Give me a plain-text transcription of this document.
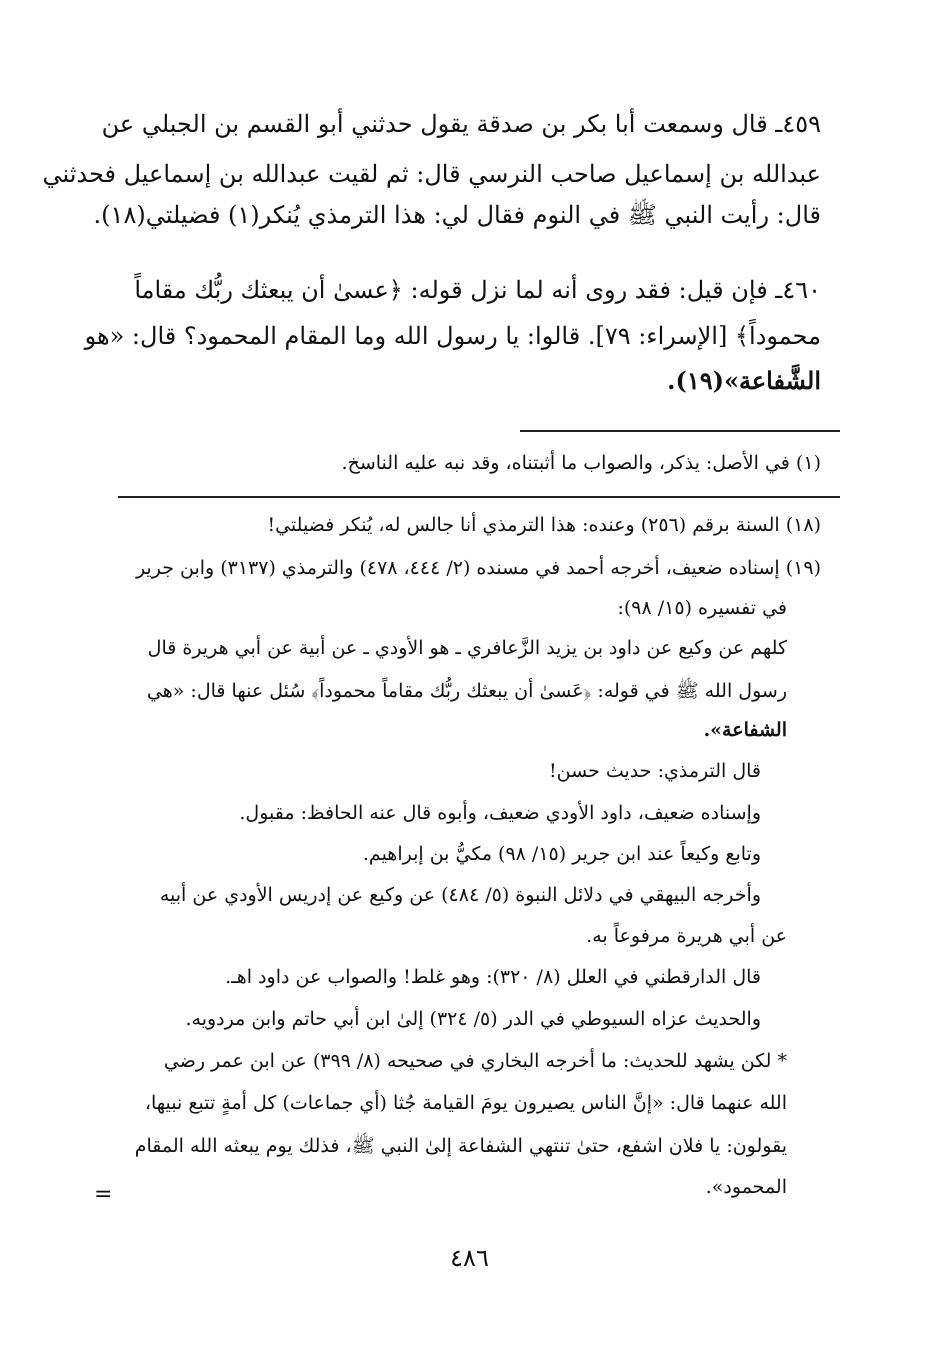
٤٥٩ـ قال وسمعت أبا بكر بن صدقة يقول حدثني أبو القسم بن الجبلي عن
عبدالله بن إسماعيل صاحب النرسي قال: ثم لقيت عبدالله بن إسماعيل فحدثني
قال: رأيت النبي ﷺ في النوم فقال لي: هذا الترمذي يُنكر(١) فضيلتي(١٨).
٤٦٠ـ فإن قيل: فقد روى أنه لما نزل قوله: ﴿عسىٰ أن يبعثك ربُّك مقاماً
محموداً﴾ [الإسراء: ٧٩]. قالوا: يا رسول الله وما المقام المحمود؟ قال: «هو
الشَّفاعة»(١٩).
(١) في الأصل: يذكر، والصواب ما أثبتناه، وقد نبه عليه الناسخ.
(١٨) السنة برقم (٢٥٦) وعنده: هذا الترمذي أنا جالس له، يُنكر فضيلتي!
(١٩) إسناده ضعيف، أخرجه أحمد في مسنده (٢/ ٤٤٤، ٤٧٨) والترمذي (٣١٣٧) وابن جرير
في تفسيره (١٥/ ٩٨):
كلهم عن وكيع عن داود بن يزيد الزَّعافري ـ هو الأودي ـ عن أبية عن أبي هريرة قال
رسول الله ﷺ في قوله: ﴿عَسىٰ أن يبعثك ربُّك مقاماً محموداً﴾ سُئل عنها قال: «هي
الشفاعة».
قال الترمذي: حديث حسن!
وإسناده ضعيف، داود الأودي ضعيف، وأبوه قال عنه الحافظ: مقبول.
وتابع وكيعاً عند ابن جرير (١٥/ ٩٨) مكيُّ بن إبراهيم.
وأخرجه البيهقي في دلائل النبوة (٥/ ٤٨٤) عن وكيع عن إدريس الأودي عن أبيه
عن أبي هريرة مرفوعاً به.
قال الدارقطني في العلل (٨/ ٣٢٠): وهو غلط! والصواب عن داود اهـ.
والحديث عزاه السيوطي في الدر (٥/ ٣٢٤) إلىٰ ابن أبي حاتم وابن مردويه.
* لكن يشهد للحديث: ما أخرجه البخاري في صحيحه (٨/ ٣٩٩) عن ابن عمر رضي
الله عنهما قال: «إنَّ الناس يصيرون يومَ القيامة جُثا (أي جماعات) كل أمةٍ تتبع نبيها،
يقولون: يا فلان اشفع، حتىٰ تنتهي الشفاعة إلىٰ النبي ﷺ، فذلك يوم يبعثه الله المقام
المحمود».
=
٤٨٦
